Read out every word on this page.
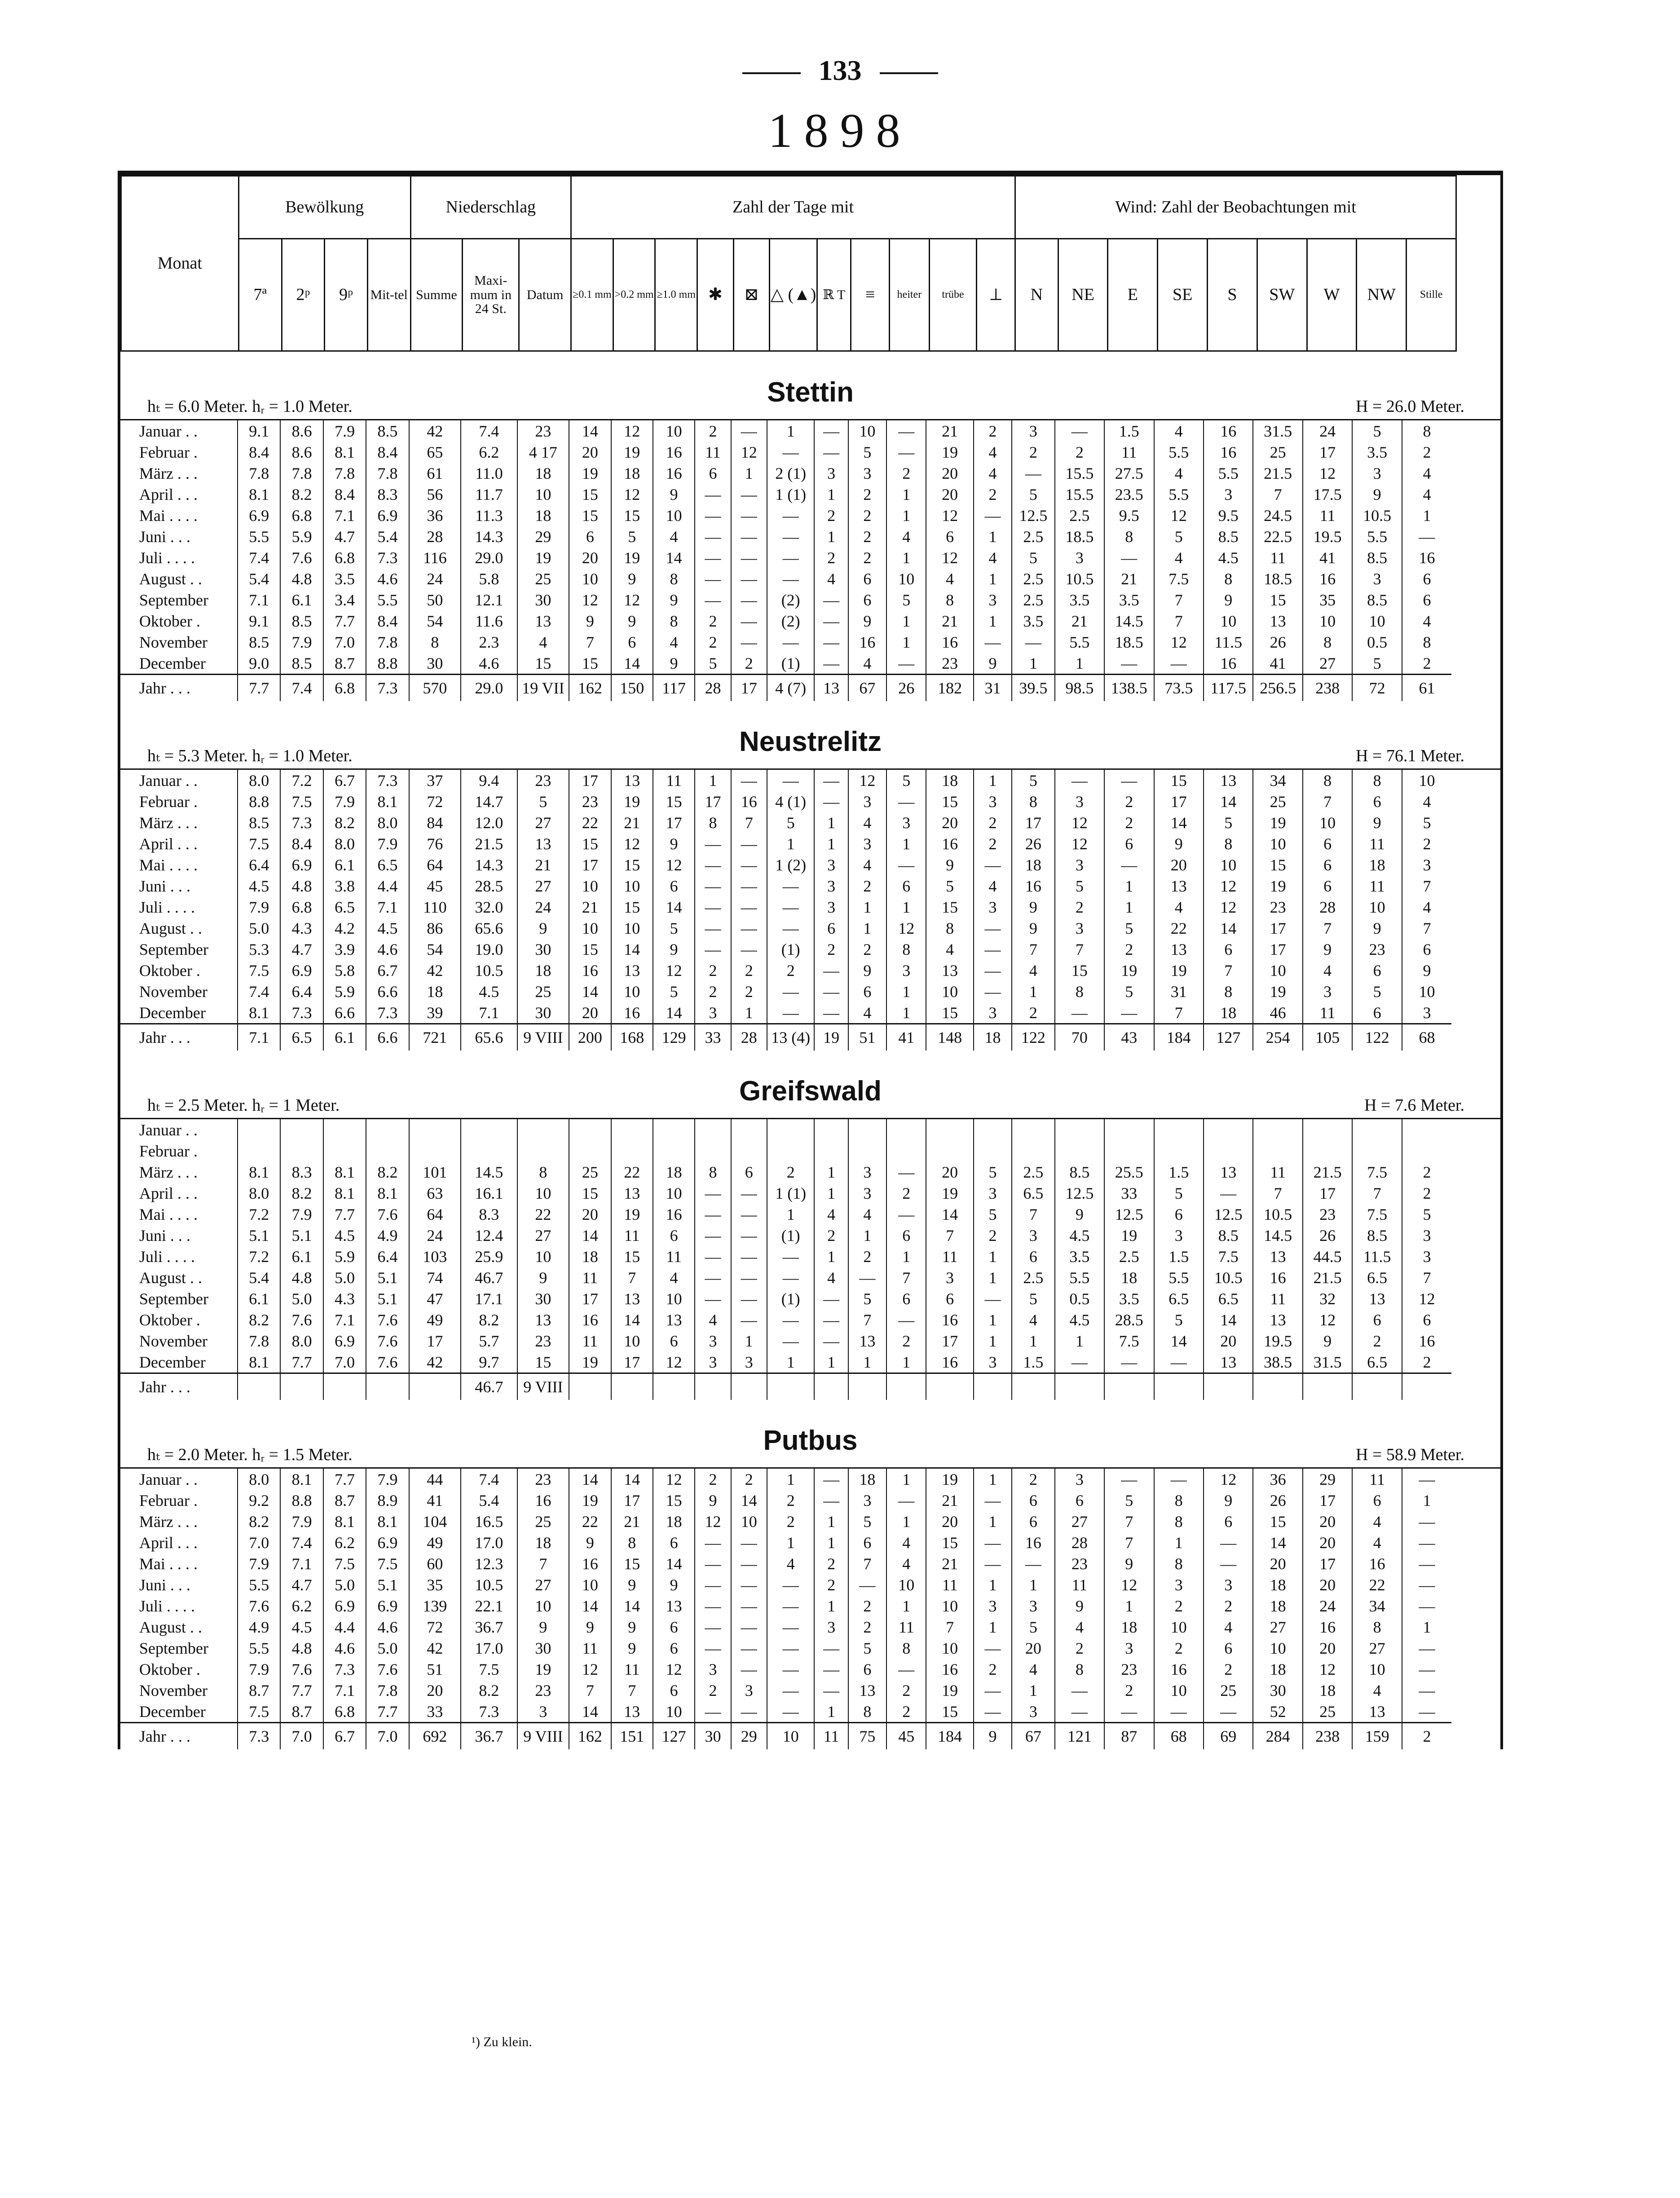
133
1898
Monat	Bewölkung				Niederschlag			Zahl der Tage mit											Wind: Zahl der Beobachtungen mit								
	7ª	2ᵖ	9ᵖ	Mit-tel	Summe	Maxi-mum in 24 St.	Datum	≥0.1 mm	>0.2 mm	≥1.0 mm	✱	⊠	△ (▲)	ℝ T	≡	heiter	trübe	⟂	N	NE	E	SE	S	SW	W	NW	Stille
Stettin
hₜ = 6.0 Meter. hᵣ = 1.0 Meter.	H = 26.0 Meter.
Januar . .	9.1	8.6	7.9	8.5	42	7.4	23	14	12	10	2	—	1	—	10	—	21	2	3	—	1.5	4	16	31.5	24	5	8
Februar .	8.4	8.6	8.1	8.4	65	6.2	4 17	20	19	16	11	12	—	—	5	—	19	4	2	2	11	5.5	16	25	17	3.5	2
März . . .	7.8	7.8	7.8	7.8	61	11.0	18	19	18	16	6	1	2 (1)	3	3	2	20	4	—	15.5	27.5	4	5.5	21.5	12	3	4
April . . .	8.1	8.2	8.4	8.3	56	11.7	10	15	12	9	—	—	1 (1)	1	2	1	20	2	5	15.5	23.5	5.5	3	7	17.5	9	4
Mai . . . .	6.9	6.8	7.1	6.9	36	11.3	18	15	15	10	—	—	—	2	2	1	12	—	12.5	2.5	9.5	12	9.5	24.5	11	10.5	1
Juni . . .	5.5	5.9	4.7	5.4	28	14.3	29	6	5	4	—	—	—	1	2	4	6	1	2.5	18.5	8	5	8.5	22.5	19.5	5.5	—
Juli . . . .	7.4	7.6	6.8	7.3	116	29.0	19	20	19	14	—	—	—	2	2	1	12	4	5	3	—	4	4.5	11	41	8.5	16
August . .	5.4	4.8	3.5	4.6	24	5.8	25	10	9	8	—	—	—	4	6	10	4	1	2.5	10.5	21	7.5	8	18.5	16	3	6
September	7.1	6.1	3.4	5.5	50	12.1	30	12	12	9	—	—	(2)	—	6	5	8	3	2.5	3.5	3.5	7	9	15	35	8.5	6
Oktober .	9.1	8.5	7.7	8.4	54	11.6	13	9	9	8	2	—	(2)	—	9	1	21	1	3.5	21	14.5	7	10	13	10	10	4
November	8.5	7.9	7.0	7.8	8	2.3	4	7	6	4	2	—	—	—	16	1	16	—	—	5.5	18.5	12	11.5	26	8	0.5	8
December	9.0	8.5	8.7	8.8	30	4.6	15	15	14	9	5	2	(1)	—	4	—	23	9	1	1	—	—	16	41	27	5	2
Jahr . . .	7.7	7.4	6.8	7.3	570	29.0	19 VII	162	150	117	28	17	4 (7)	13	67	26	182	31	39.5	98.5	138.5	73.5	117.5	256.5	238	72	61
Neustrelitz
hₜ = 5.3 Meter. hᵣ = 1.0 Meter.	H = 76.1 Meter.
Januar . .	8.0	7.2	6.7	7.3	37	9.4	23	17	13	11	1	—	—	—	12	5	18	1	5	—	—	15	13	34	8	8	10
Februar .	8.8	7.5	7.9	8.1	72	14.7	5	23	19	15	17	16	4 (1)	—	3	—	15	3	8	3	2	17	14	25	7	6	4
März . . .	8.5	7.3	8.2	8.0	84	12.0	27	22	21	17	8	7	5	1	4	3	20	2	17	12	2	14	5	19	10	9	5
April . . .	7.5	8.4	8.0	7.9	76	21.5	13	15	12	9	—	—	1	1	3	1	16	2	26	12	6	9	8	10	6	11	2
Mai . . . .	6.4	6.9	6.1	6.5	64	14.3	21	17	15	12	—	—	1 (2)	3	4	—	9	—	18	3	—	20	10	15	6	18	3
Juni . . .	4.5	4.8	3.8	4.4	45	28.5	27	10	10	6	—	—	—	3	2	6	5	4	16	5	1	13	12	19	6	11	7
Juli . . . .	7.9	6.8	6.5	7.1	110	32.0	24	21	15	14	—	—	—	3	1	1	15	3	9	2	1	4	12	23	28	10	4
August . .	5.0	4.3	4.2	4.5	86	65.6	9	10	10	5	—	—	—	6	1	12	8	—	9	3	5	22	14	17	7	9	7
September	5.3	4.7	3.9	4.6	54	19.0	30	15	14	9	—	—	(1)	2	2	8	4	—	7	7	2	13	6	17	9	23	6
Oktober .	7.5	6.9	5.8	6.7	42	10.5	18	16	13	12	2	2	2	—	9	3	13	—	4	15	19	19	7	10	4	6	9
November	7.4	6.4	5.9	6.6	18	4.5	25	14	10	5	2	2	—	—	6	1	10	—	1	8	5	31	8	19	3	5	10
December	8.1	7.3	6.6	7.3	39	7.1	30	20	16	14	3	1	—	—	4	1	15	3	2	—	—	7	18	46	11	6	3
Jahr . . .	7.1	6.5	6.1	6.6	721	65.6	9 VIII	200	168	129	33	28	13 (4)	19	51	41	148	18	122	70	43	184	127	254	105	122	68
Greifswald
hₜ = 2.5 Meter. hᵣ = 1 Meter.	H = 7.6 Meter.
Januar . .																											
Februar .																											
März . . .	8.1	8.3	8.1	8.2	101	14.5	8	25	22	18	8	6	2	1	3	—	20	5	2.5	8.5	25.5	1.5	13	11	21.5	7.5	2
April . . .	8.0	8.2	8.1	8.1	63	16.1	10	15	13	10	—	—	1 (1)	1	3	2	19	3	6.5	12.5	33	5	—	7	17	7	2
Mai . . . .	7.2	7.9	7.7	7.6	64	8.3	22	20	19	16	—	—	1	4	4	—	14	5	7	9	12.5	6	12.5	10.5	23	7.5	5
Juni . . .	5.1	5.1	4.5	4.9	24	12.4	27	14	11	6	—	—	(1)	2	1	6	7	2	3	4.5	19	3	8.5	14.5	26	8.5	3
Juli . . . .	7.2	6.1	5.9	6.4	103	25.9	10	18	15	11	—	—	—	1	2	1	11	1	6	3.5	2.5	1.5	7.5	13	44.5	11.5	3
August . .	5.4	4.8	5.0	5.1	74	46.7	9	11	7	4	—	—	—	4	—	7	3	1	2.5	5.5	18	5.5	10.5	16	21.5	6.5	7
September	6.1	5.0	4.3	5.1	47	17.1	30	17	13	10	—	—	(1)	—	5	6	6	—	5	0.5	3.5	6.5	6.5	11	32	13	12
Oktober .	8.2	7.6	7.1	7.6	49	8.2	13	16	14	13	4	—	—	—	7	—	16	1	4	4.5	28.5	5	14	13	12	6	6
November	7.8	8.0	6.9	7.6	17	5.7	23	11	10	6	3	1	—	—	13	2	17	1	1	1	7.5	14	20	19.5	9	2	16
December	8.1	7.7	7.0	7.6	42	9.7	15	19	17	12	3	3	1	1	1	1	16	3	1.5	—	—	—	13	38.5	31.5	6.5	2
Jahr . . .						46.7	9 VIII																				
Putbus
hₜ = 2.0 Meter. hᵣ = 1.5 Meter.	H = 58.9 Meter.
Januar . .	8.0	8.1	7.7	7.9	44	7.4	23	14	14	12	2	2	1	—	18	1	19	1	2	3	—	—	12	36	29	11	—
Februar .	9.2	8.8	8.7	8.9	41	5.4	16	19	17	15	9	14	2	—	3	—	21	—	6	6	5	8	9	26	17	6	1
März . . .	8.2	7.9	8.1	8.1	104	16.5	25	22	21	18	12	10	2	1	5	1	20	1	6	27	7	8	6	15	20	4	—
April . . .	7.0	7.4	6.2	6.9	49	17.0	18	9	8	6	—	—	1	1	6	4	15	—	16	28	7	1	—	14	20	4	—
Mai . . . .	7.9	7.1	7.5	7.5	60	12.3	7	16	15	14	—	—	4	2	7	4	21	—	—	23	9	8	—	20	17	16	—
Juni . . .	5.5	4.7	5.0	5.1	35	10.5	27	10	9	9	—	—	—	2	—	10	11	1	1	11	12	3	3	18	20	22	—
Juli . . . .	7.6	6.2	6.9	6.9	139	22.1	10	14	14	13	—	—	—	1	2	1	10	3	3	9	1	2	2	18	24	34	—
August . .	4.9	4.5	4.4	4.6	72	36.7	9	9	9	6	—	—	—	3	2	11	7	1	5	4	18	10	4	27	16	8	1
September	5.5	4.8	4.6	5.0	42	17.0	30	11	9	6	—	—	—	—	5	8	10	—	20	2	3	2	6	10	20	27	—
Oktober .	7.9	7.6	7.3	7.6	51	7.5	19	12	11	12	3	—	—	—	6	—	16	2	4	8	23	16	2	18	12	10	—
November	8.7	7.7	7.1	7.8	20	8.2	23	7	7	6	2	3	—	—	13	2	19	—	1	—	2	10	25	30	18	4	—
December	7.5	8.7	6.8	7.7	33	7.3	3	14	13	10	—	—	—	1	8	2	15	—	3	—	—	—	—	52	25	13	—
Jahr . . .	7.3	7.0	6.7	7.0	692	36.7	9 VIII	162	151	127	30	29	10	11	75	45	184	9	67	121	87	68	69	284	238	159	2
¹) Zu klein.
